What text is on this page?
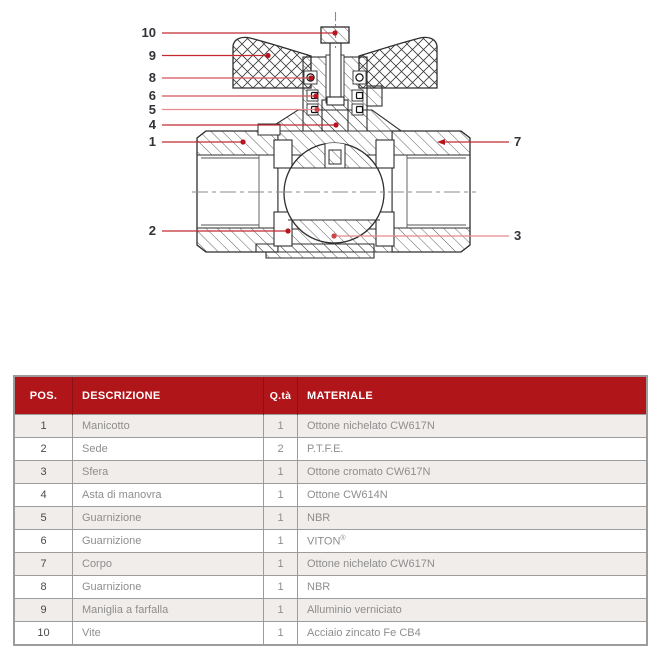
10
9
8
6
5
4
1
2
7
3
POS.	DESCRIZIONE	Q.tà	MATERIALE
1	Manicotto	1	Ottone nichelato CW617N
2	Sede	2	P.T.F.E.
3	Sfera	1	Ottone cromato CW617N
4	Asta di manovra	1	Ottone CW614N
5	Guarnizione	1	NBR
6	Guarnizione	1	VITON®
7	Corpo	1	Ottone nichelato CW617N
8	Guarnizione	1	NBR
9	Maniglia a farfalla	1	Alluminio verniciato
10	Vite	1	Acciaio zincato Fe CB4
